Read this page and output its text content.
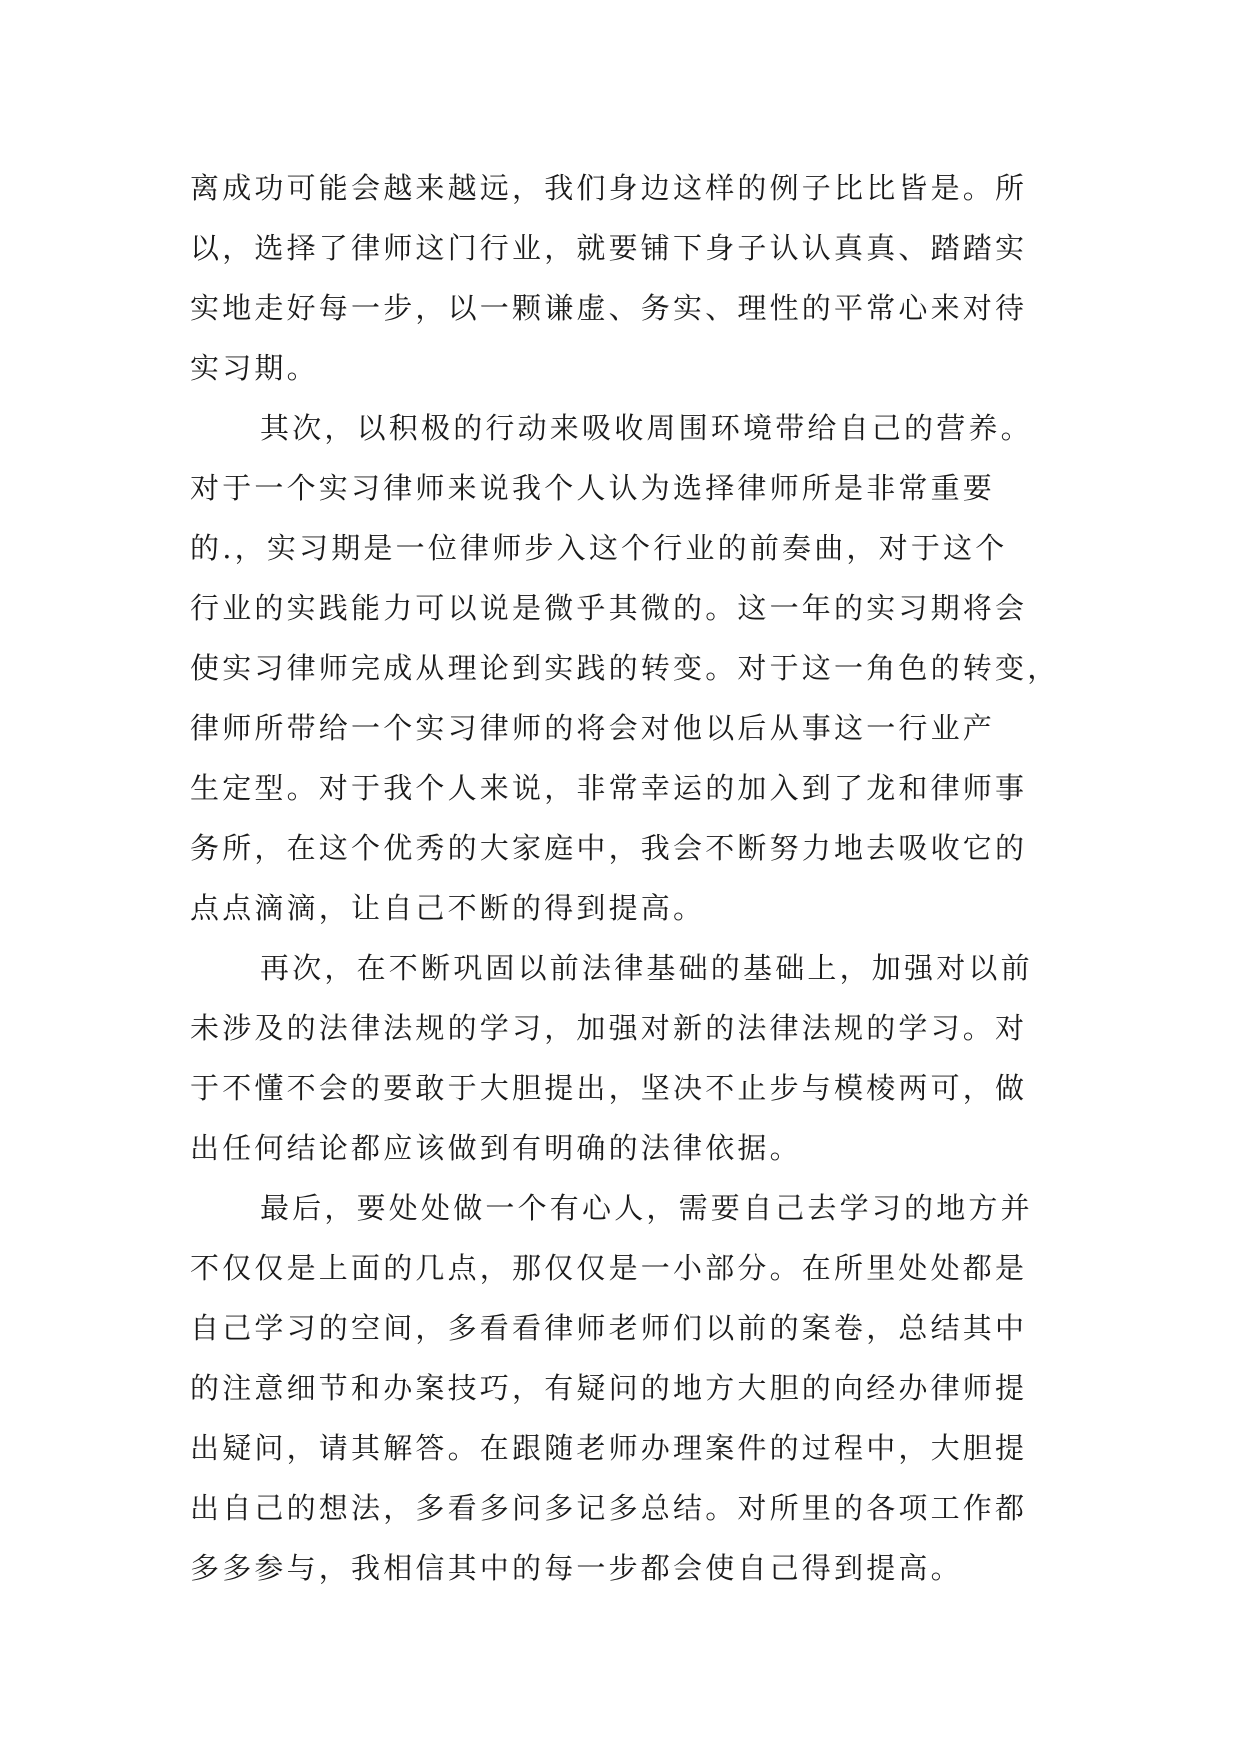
离成功可能会越来越远，我们身边这样的例子比比皆是。所
以，选择了律师这门行业，就要铺下身子认认真真、踏踏实
实地走好每一步，以一颗谦虚、务实、理性的平常心来对待
实习期。
其次，以积极的行动来吸收周围环境带给自己的营养。
对于一个实习律师来说我个人认为选择律师所是非常重要
的.，实习期是一位律师步入这个行业的前奏曲，对于这个
行业的实践能力可以说是微乎其微的。这一年的实习期将会
使实习律师完成从理论到实践的转变。对于这一角色的转变，
律师所带给一个实习律师的将会对他以后从事这一行业产
生定型。对于我个人来说，非常幸运的加入到了龙和律师事
务所，在这个优秀的大家庭中，我会不断努力地去吸收它的
点点滴滴，让自己不断的得到提高。
再次，在不断巩固以前法律基础的基础上，加强对以前
未涉及的法律法规的学习，加强对新的法律法规的学习。对
于不懂不会的要敢于大胆提出，坚决不止步与模棱两可，做
出任何结论都应该做到有明确的法律依据。
最后，要处处做一个有心人，需要自己去学习的地方并
不仅仅是上面的几点，那仅仅是一小部分。在所里处处都是
自己学习的空间，多看看律师老师们以前的案卷，总结其中
的注意细节和办案技巧，有疑问的地方大胆的向经办律师提
出疑问，请其解答。在跟随老师办理案件的过程中，大胆提
出自己的想法，多看多问多记多总结。对所里的各项工作都
多多参与，我相信其中的每一步都会使自己得到提高。
